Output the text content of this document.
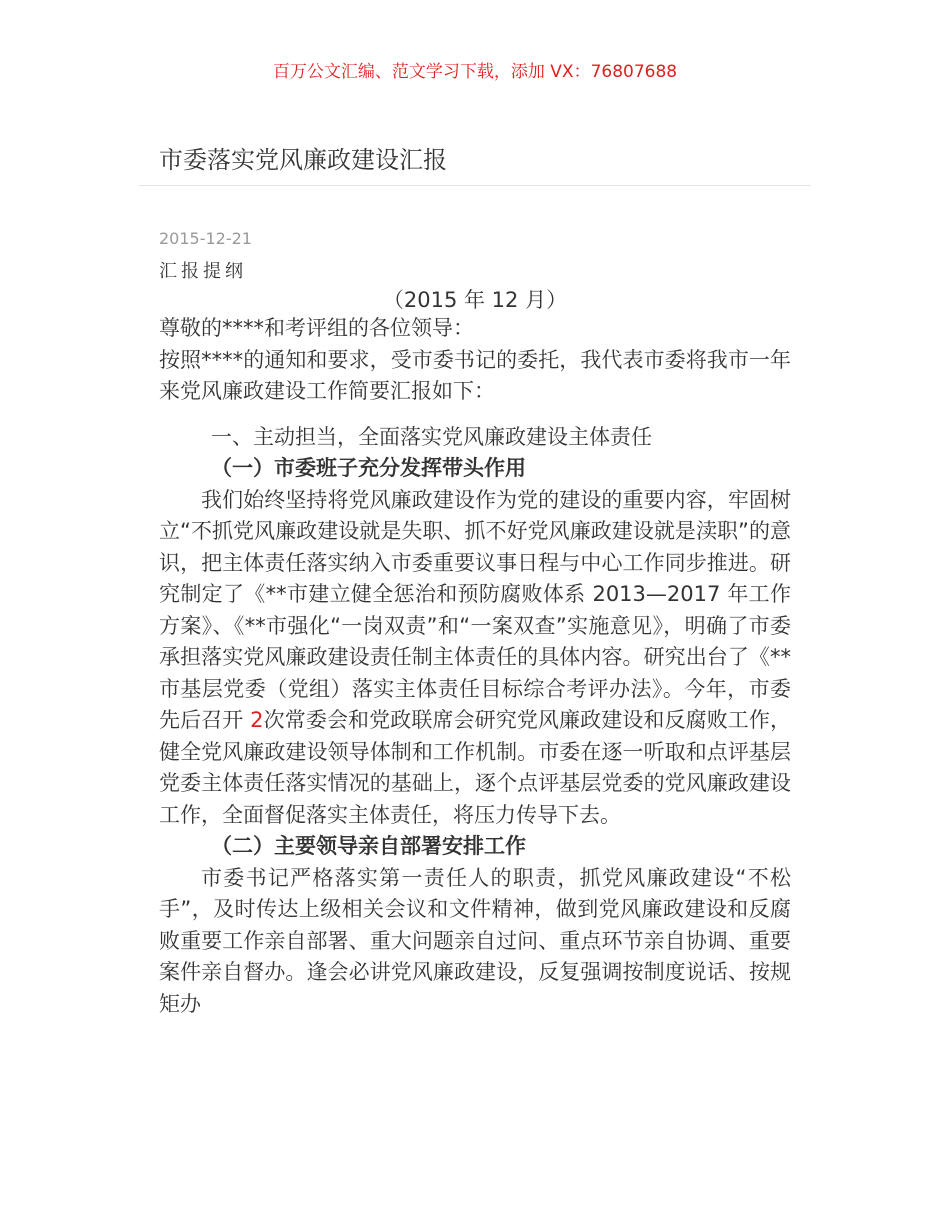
百万公文汇编、范文学习下载，添加 VX：76807688
市委落实党风廉政建设汇报
2015-12-21
汇报提纲
（2015 年 12 月）

尊敬的****和考评组的各位领导：

按照****的通知和要求，受市委书记的委托，我代表市委将我市一年来党风廉政建设工作简要汇报如下：

一、主动担当，全面落实党风廉政建设主体责任

（一）市委班子充分发挥带头作用

我们始终坚持将党风廉政建设作为党的建设的重要内容，牢固树立“不抓党风廉政建设就是失职、抓不好党风廉政建设就是渎职”的意识，把主体责任落实纳入市委重要议事日程与中心工作同步推进。研究制定了《**市建立健全惩治和预防腐败体系 2013—2017 年工作方案》、《**市强化“一岗双责”和“一案双查”实施意见》，明确了市委承担落实党风廉政建设责任制主体责任的具体内容。研究出台了《**市基层党委（党组）落实主体责任目标综合考评办法》。今年，市委先后召开 2次常委会和党政联席会研究党风廉政建设和反腐败工作，健全党风廉政建设领导体制和工作机制。市委在逐一听取和点评基层党委主体责任落实情况的基础上，逐个点评基层党委的党风廉政建设工作，全面督促落实主体责任，将压力传导下去。

（二）主要领导亲自部署安排工作

市委书记严格落实第一责任人的职责，抓党风廉政建设“不松手”，及时传达上级相关会议和文件精神，做到党风廉政建设和反腐败重要工作亲自部署、重大问题亲自过问、重点环节亲自协调、重要案件亲自督办。逢会必讲党风廉政建设，反复强调按制度说话、按规矩办
